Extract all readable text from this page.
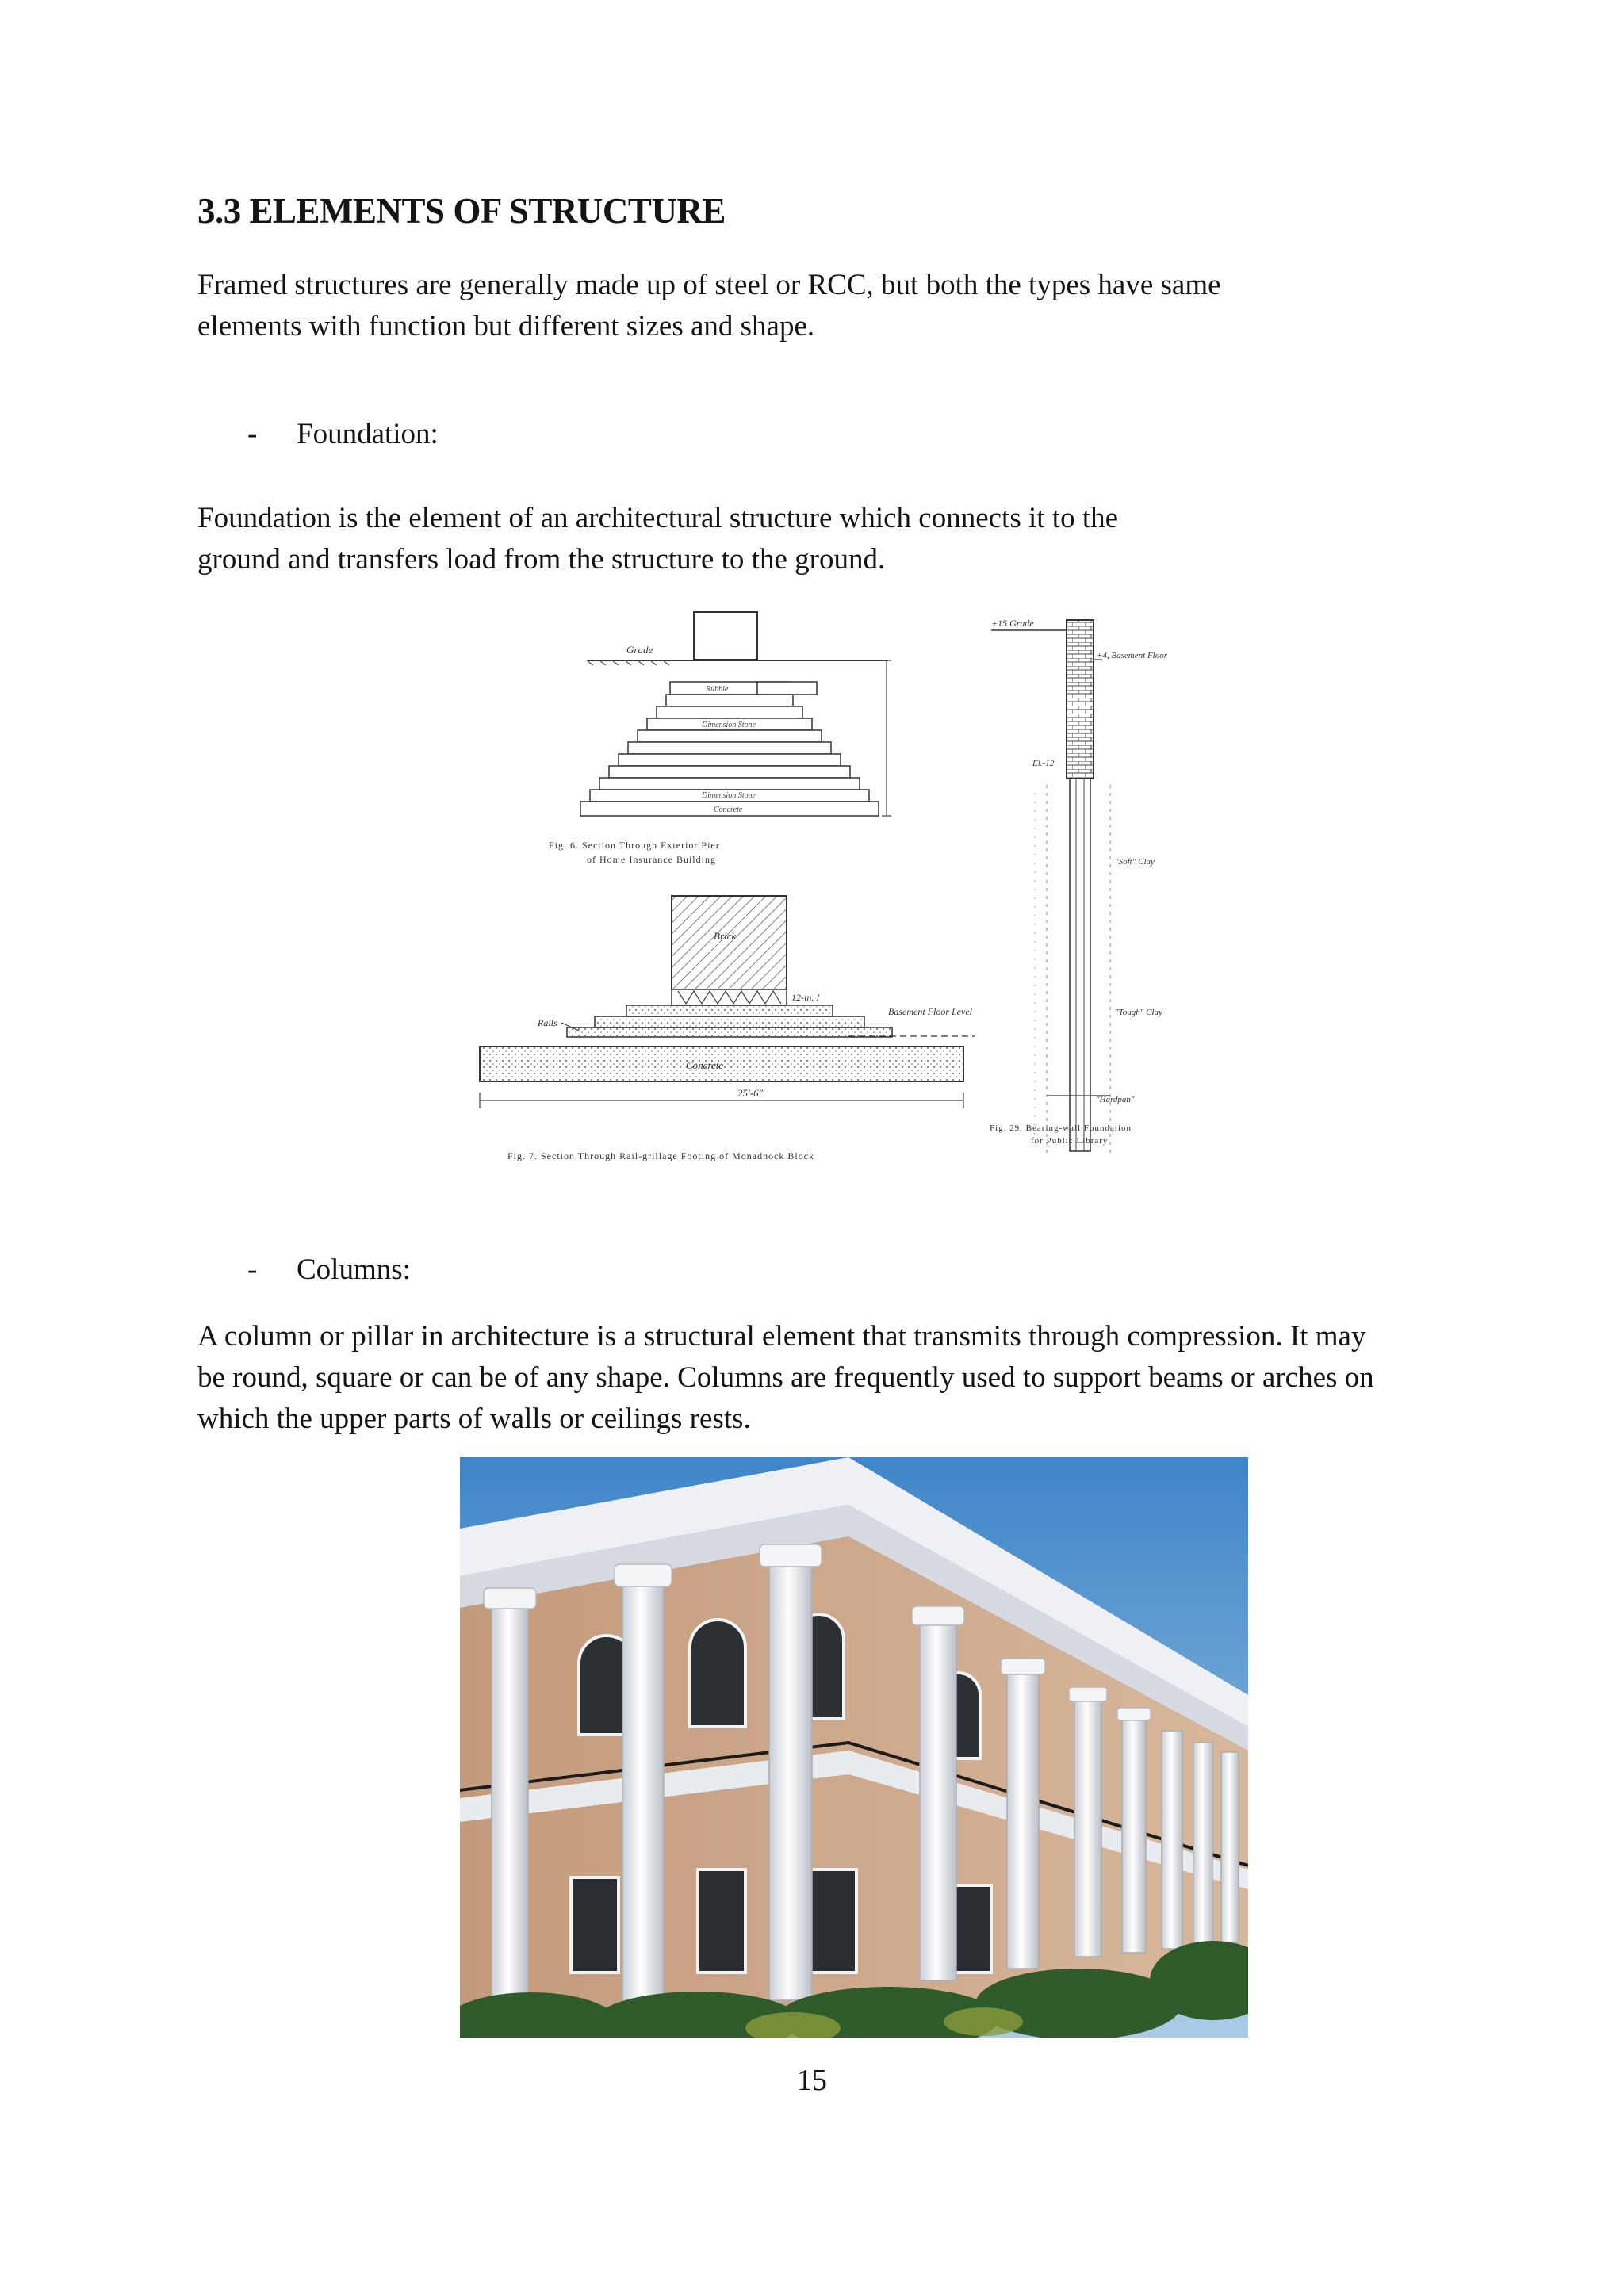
3.3 ELEMENTS OF STRUCTURE
Framed structures are generally made up of steel or RCC, but both the types have same
elements with function but different sizes and shape.
- Foundation:
Foundation is the element of an architectural structure which connects it to the
ground and transfers load from the structure to the ground.
Grade
Rubble
Dimension Stone
Dimension Stone
Concrete
Fig. 6. Section Through Exterior Pier
of Home Insurance Building
Brick
12-in. I
Rails
Basement Floor Level
Concrete
25'-6"
Fig. 7. Section Through Rail-grillage Footing of Monadnock Block
+15 Grade
+4, Basement Floor
El.-12
"Soft" Clay
"Tough" Clay
"Hardpan"
Fig. 29. Bearing-wall Foundation
for Public Library
- Columns:
A column or pillar in architecture is a structural element that transmits through compression. It may
be round, square or can be of any shape. Columns are frequently used to support beams or arches on
which the upper parts of walls or ceilings rests.
15
